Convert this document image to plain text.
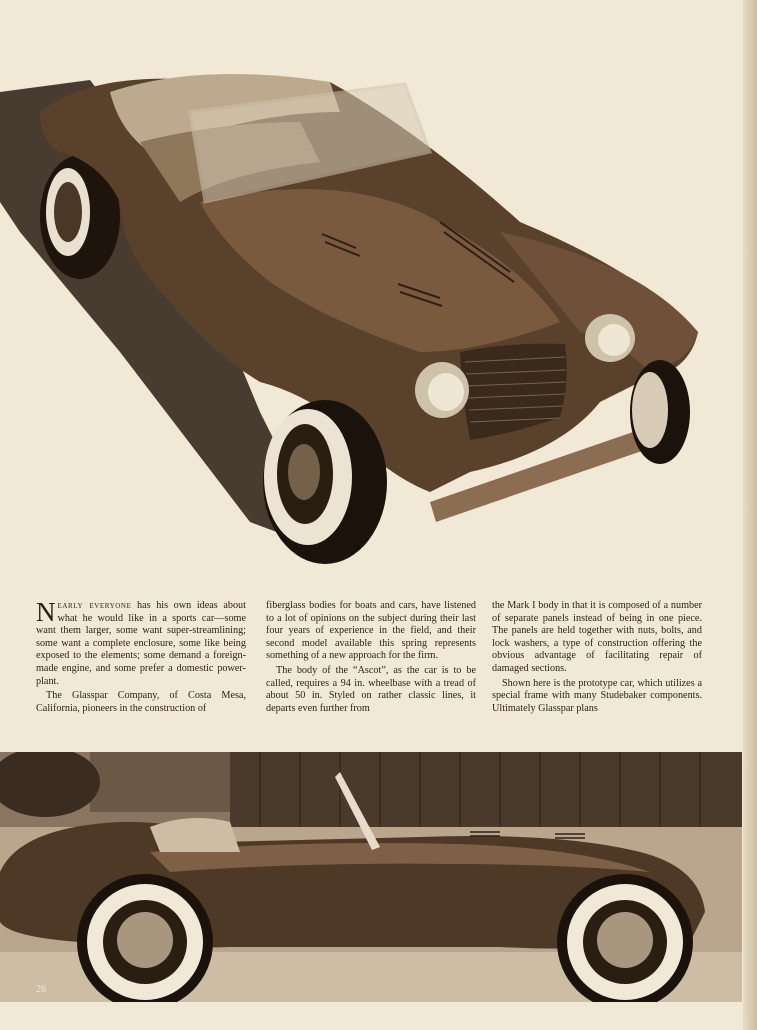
Nearly everyone has his own ideas about what he would like in a sports car—some want them larger, some want super-streamlining; some want a complete enclosure, some like being exposed to the elements; some demand a foreign-made engine, and some prefer a domestic power-plant.

The Glasspar Company, of Costa Mesa, California, pioneers in the construction of

fiberglass bodies for boats and cars, have listened to a lot of opinions on the subject during their last four years of experience in the field, and their second model available this spring represents something of a new approach for the firm.

The body of the “Ascot”, as the car is to be called, requires a 94 in. wheelbase with a tread of about 50 in. Styled on rather classic lines, it departs even further from

the Mark I body in that it is composed of a number of separate panels instead of being in one piece. The panels are held together with nuts, bolts, and lock washers, a type of construction offering the obvious advantage of facilitating repair of damaged sections.

Shown here is the prototype car, which utilizes a special frame with many Studebaker components. Ultimately Glasspar plans

26
